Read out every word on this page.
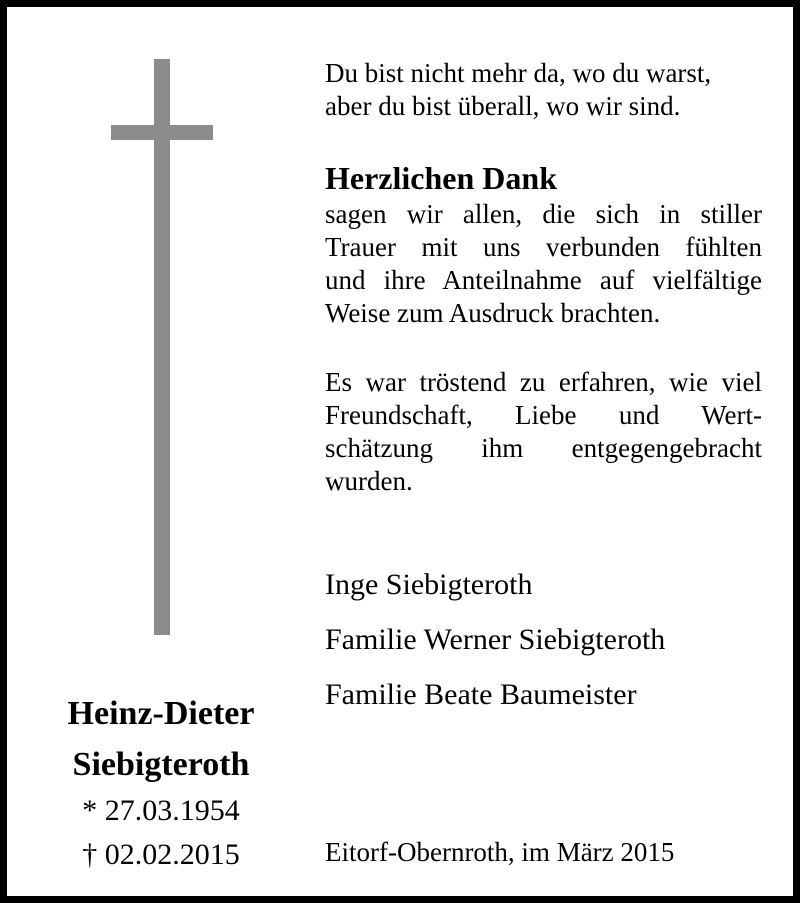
Heinz-Dieter
Siebigteroth
* 27.03.1954
† 02.02.2015
Du bist nicht mehr da, wo du warst,
aber du bist überall, wo wir sind.
Herzlichen Dank
sagen wir allen, die sich in stiller
Trauer mit uns verbunden fühlten
und ihre Anteilnahme auf vielfältige
Weise zum Ausdruck brachten.
Es war tröstend zu erfahren, wie viel
Freundschaft, Liebe und Wert-
schätzung ihm entgegengebracht
wurden.
Inge Siebigteroth
Familie Werner Siebigteroth
Familie Beate Baumeister
Eitorf-Obernroth, im März 2015
